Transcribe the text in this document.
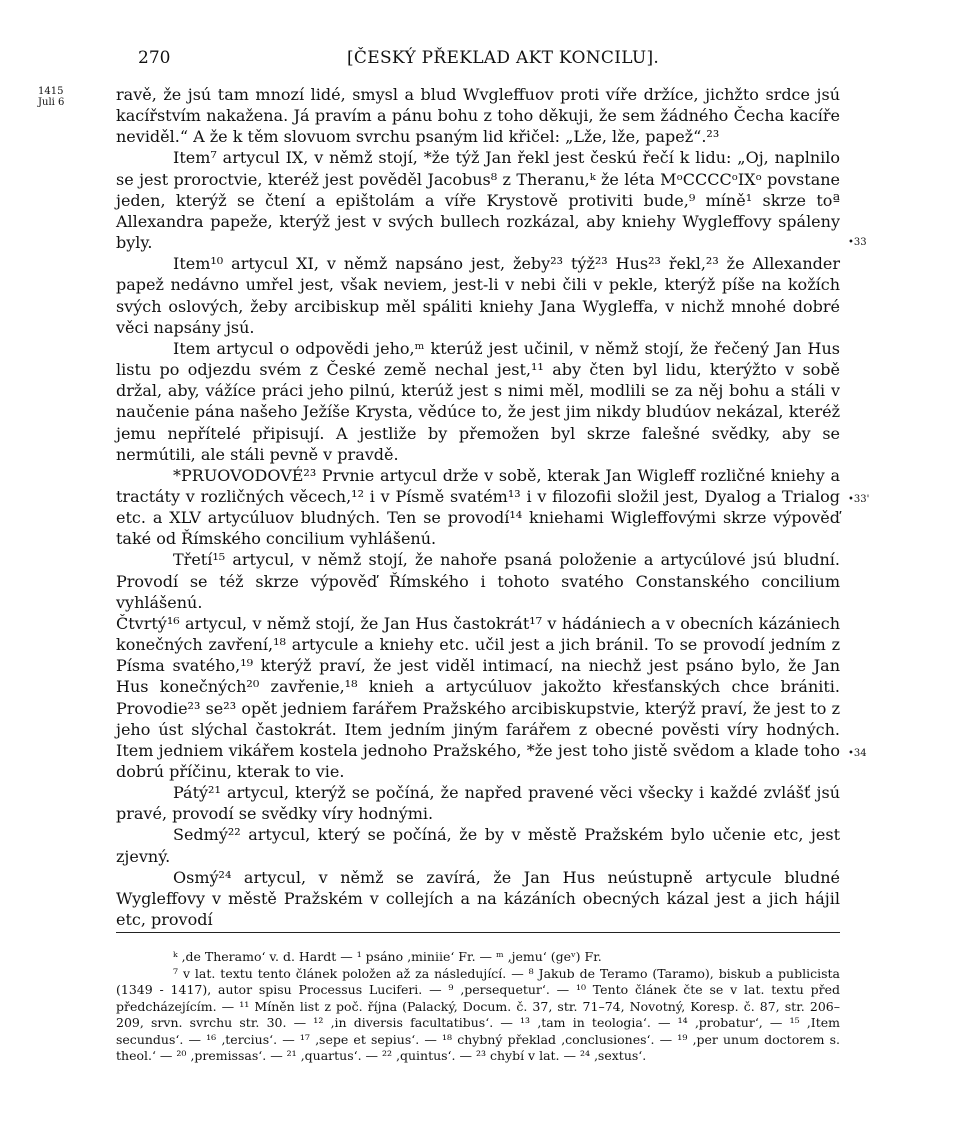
270	[ČESKÝ PŘEKLAD AKT KONCILU].
1415
Juli 6
•33
•33'
•34

ravě, že jsú tam mnozí lidé, smysl a blud Wvgleffuov proti víře držíce, jichžto srdce jsú kacířstvím nakažena. Já pravím a pánu bohu z toho děkuji, že sem žádného Čecha kacíře neviděl.“ A že k těm slovuom svrchu psaným lid křičel: „Lže, lže, papež“.²³

Item⁷ artycul IX, v němž stojí, *že týž Jan řekl jest českú řečí k lidu: „Oj, naplnilo se jest proroctvie, kteréž jest pověděl Jacobus⁸ z Theranu,ᵏ že léta MᵒCCCCᵒIXᵒ povstane jeden, kterýž se čtení a epištolám a víře Krystově protiviti bude,⁹ míně¹ skrze toª Allexandra papeže, kterýž jest v svých bullech rozkázal, aby kniehy Wygleffovy spáleny byly.

Item¹⁰ artycul XI, v němž napsáno jest, žeby²³ týž²³ Hus²³ řekl,²³ že Allexander papež nedávno umřel jest, však neviem, jest-li v nebi čili v pekle, kterýž píše na kožích svých oslových, žeby arcibiskup měl spáliti kniehy Jana Wygleffa, v nichž mnohé dobré věci napsány jsú.

Item artycul o odpovědi jeho,ᵐ kterúž jest učinil, v němž stojí, že řečený Jan Hus listu po odjezdu svém z České země nechal jest,¹¹ aby čten byl lidu, kterýžto v sobě držal, aby, vážíce práci jeho pilnú, kterúž jest s nimi měl, modlili se za něj bohu a stáli v naučenie pána našeho Ježíše Krysta, vědúce to, že jest jim nikdy bludúov nekázal, kteréž jemu nepřítelé připisují. A jestliže by přemožen byl skrze falešné svědky, aby se nermútili, ale stáli pevně v pravdě.

*PRUOVODOVÉ²³ Prvnie artycul drže v sobě, kterak Jan Wigleff rozličné kniehy a tractáty v rozličných věcech,¹² i v Písmě svatém¹³ i v filozofii složil jest, Dyalog a Trialog etc. a XLV artycúluov bludných. Ten se provodí¹⁴ kniehami Wigleffovými skrze výpověď také od Římského concilium vyhlášenú.

Třetí¹⁵ artycul, v němž stojí, že nahoře psaná položenie a artycúlové jsú bludní. Provodí se též skrze výpověď Římského i tohoto svatého Constanského concilium vyhlášenú.

Čtvrtý¹⁶ artycul, v němž stojí, že Jan Hus častokrát¹⁷ v hádániech a v obecních kázániech konečných zavření,¹⁸ artycule a kniehy etc. učil jest a jich bránil. To se provodí jedním z Písma svatého,¹⁹ kterýž praví, že jest viděl intimací, na niechž jest psáno bylo, že Jan Hus konečných²⁰ zavřenie,¹⁸ knieh a artycúluov jakožto křesťanských chce brániti. Provodie²³ se²³ opět jedniem farářem Pražského arcibiskupstvie, kterýž praví, že jest to z jeho úst slýchal častokrát. Item jedním jiným farářem z obecné pověsti víry hodných. Item jedniem vikářem kostela jednoho Pražského, *že jest toho jistě svědom a klade toho dobrú příčinu, kterak to vie.

Pátý²¹ artycul, kterýž se počíná, že napřed pravené věci všecky i každé zvlášť jsú pravé, provodí se svědky víry hodnými.

Sedmý²² artycul, který se počíná, že by v městě Pražském bylo učenie etc, jest zjevný.

Osmý²⁴ artycul, v němž se zavírá, že Jan Hus neústupně artycule bludné Wygleffovy v městě Pražském v collejích a na kázáních obecných kázal jest a jich hájil etc, provodí

ᵏ ‚de Theramo‘ v. d. Hardt — ¹ psáno ‚miniie‘ Fr. — ᵐ ‚jemu‘ (geᵛ) Fr.

⁷ v lat. textu tento článek položen až za následující. — ⁸ Jakub de Teramo (Taramo), biskub a publicista (1349 - 1417), autor spisu Processus Luciferi. — ⁹ ‚persequetur‘. — ¹⁰ Tento článek čte se v lat. textu před předcházejícím. — ¹¹ Míněn list z poč. října (Palacký, Docum. č. 37, str. 71–74, Novotný, Koresp. č. 87, str. 206–209, srvn. svrchu str. 30. — ¹² ‚in diversis facultatibus‘. — ¹³ ‚tam in teologia‘. — ¹⁴ ‚probatur‘, — ¹⁵ ‚Item secundus‘. — ¹⁶ ‚tercius‘. — ¹⁷ ‚sepe et sepius‘. — ¹⁸ chybný překlad ‚conclusiones‘. — ¹⁹ ‚per unum doctorem s. theol.‘ — ²⁰ ‚premissas‘. — ²¹ ‚quartus‘. — ²² ‚quintus‘. — ²³ chybí v lat. — ²⁴ ‚sextus‘.
